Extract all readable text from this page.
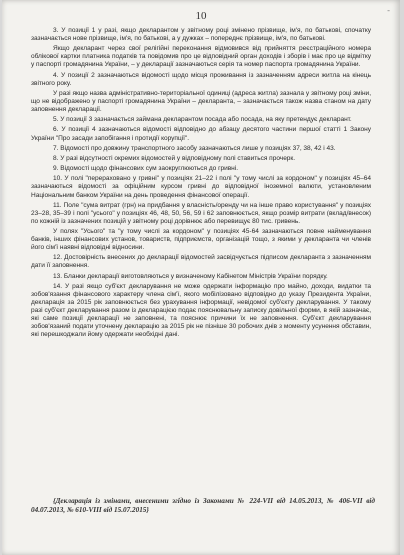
-
10

3. У позиції 1 у разі, якщо декларантом у звітному році змінено прізвище, ім'я, по батькові, спочатку зазначається нове прізвище, ім'я, по батькові, а у дужках – попереднє прізвище, ім'я, по батькові.

Якщо декларант через свої релігійні переконання відмовився від прийняття реєстраційного номера облікової картки платника податків та повідомив про це відповідний орган доходів і зборів і має про це відмітку у паспорті громадянина України, – у декларації зазначаються серія та номер паспорта громадянина України.

4. У позиції 2 зазначаються відомості щодо місця проживання із зазначенням адреси житла на кінець звітного року.

У разі якщо назва адміністративно-територіальної одиниці (адреса житла) зазнала у звітному році зміни, що не відображено у паспорті громадянина України – декларанта, – зазначається також назва станом на дату заповнення декларації.

5. У позиції 3 зазначається займана декларантом посада або посада, на яку претендує декларант.

6. У позиції 4 зазначаються відомості відповідно до абзацу десятого частини першої статті 1 Закону України "Про засади запобігання і протидії корупції".

7. Відомості про довжину транспортного засобу зазначаються лише у позиціях 37, 38, 42 і 43.

8. У разі відсутності окремих відомостей у відповідному полі ставиться прочерк.

9. Відомості щодо фінансових сум заокруглюються до гривні.

10. У полі "перераховано у гривні" у позиціях 21–22 і полі "у тому числі за кордоном" у позиціях 45–64 зазначаються відомості за офіційним курсом гривні до відповідної іноземної валюти, установленим Національним банком України на день проведення фінансової операції.

11. Поле "сума витрат (грн) на придбання у власність/оренду чи на інше право користування" у позиціях 23–28, 35–39 і полі "усього" у позиціях 46, 48, 50, 56, 59 і 62 заповнюється, якщо розмір витрати (вклад/внесок) по кожній із зазначених позицій у звітному році дорівнює або перевищує 80 тис. гривень.

У полях "Усього" та "у тому числі за кордоном" у позиціях 45-64 зазначаються повне найменування банків, інших фінансових установ, товариств, підприємств, організацій тощо, з якими у декларанта чи членів його сім'ї наявні відповідні відносини.

12. Достовірність внесених до декларації відомостей засвідчується підписом декларанта з зазначенням дати її заповнення.

13. Бланки декларації виготовляються у визначеному Кабінетом Міністрів України порядку.

14. У разі якщо суб'єкт декларування не може одержати інформацію про майно, доходи, видатки та зобов'язання фінансового характеру члена сім'ї, якого мобілізовано відповідно до указу Президента України, декларація за 2015 рік заповнюється без урахування інформації, невідомої суб'єкту декларування. У такому разі суб'єкт декларування разом із декларацією подає пояснювальну записку довільної форми, в якій зазначає, які саме позиції декларації не заповнені, та пояснює причини їх не заповнення. Суб'єкт декларування зобов'язаний подати уточнену декларацію за 2015 рік не пізніше 30 робочих днів з моменту усунення обставин, які перешкоджали йому одержати необхідні дані.

{Декларація із змінами, внесеними згідно із Законами № 224-VII від 14.05.2013, № 406-VII від 04.07.2013, № 610-VIII від 15.07.2015}
